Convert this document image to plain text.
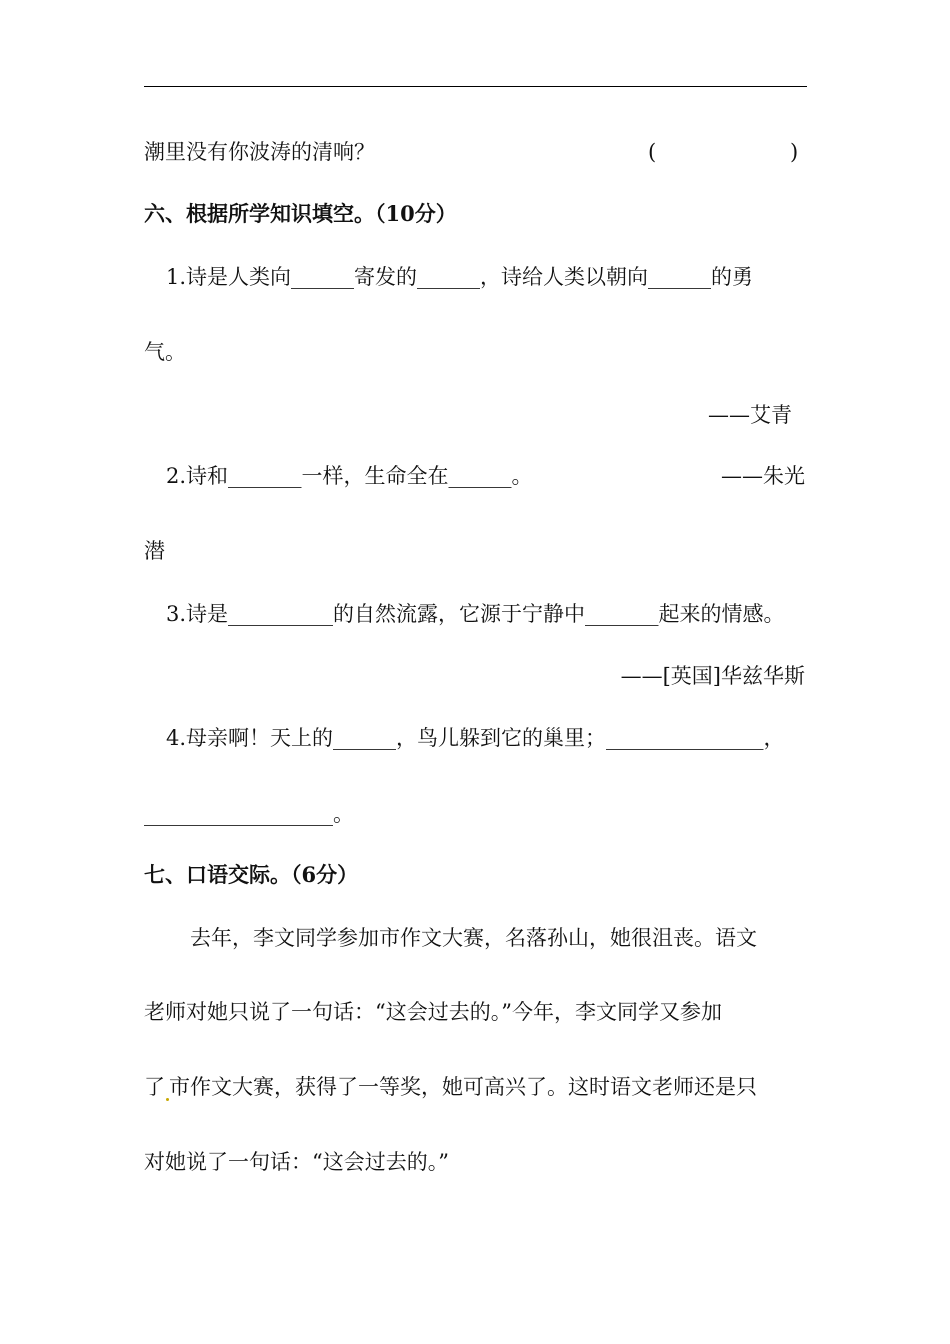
潮里没有你波涛的清响？	(	)
六、根据所学知识填空。（10分）
1.诗是人类向______寄发的______，诗给人类以朝向______的勇
气。
——艾青
2.诗和_______一样，生命全在______。	——朱光
潜
3.诗是__________的自然流露，它源于宁静中_______起来的情感。
——[英国]华兹华斯
4.母亲啊！天上的______，鸟儿躲到它的巢里；_______________，
__________________。
七、口语交际。（6分）
去年，李文同学参加市作文大赛，名落孙山，她很沮丧。语文
老师对她只说了一句话：“这会过去的。”今年，李文同学又参加
了 市作文大赛，获得了一等奖，她可高兴了。这时语文老师还是只
对她说了一句话：“这会过去的。”
